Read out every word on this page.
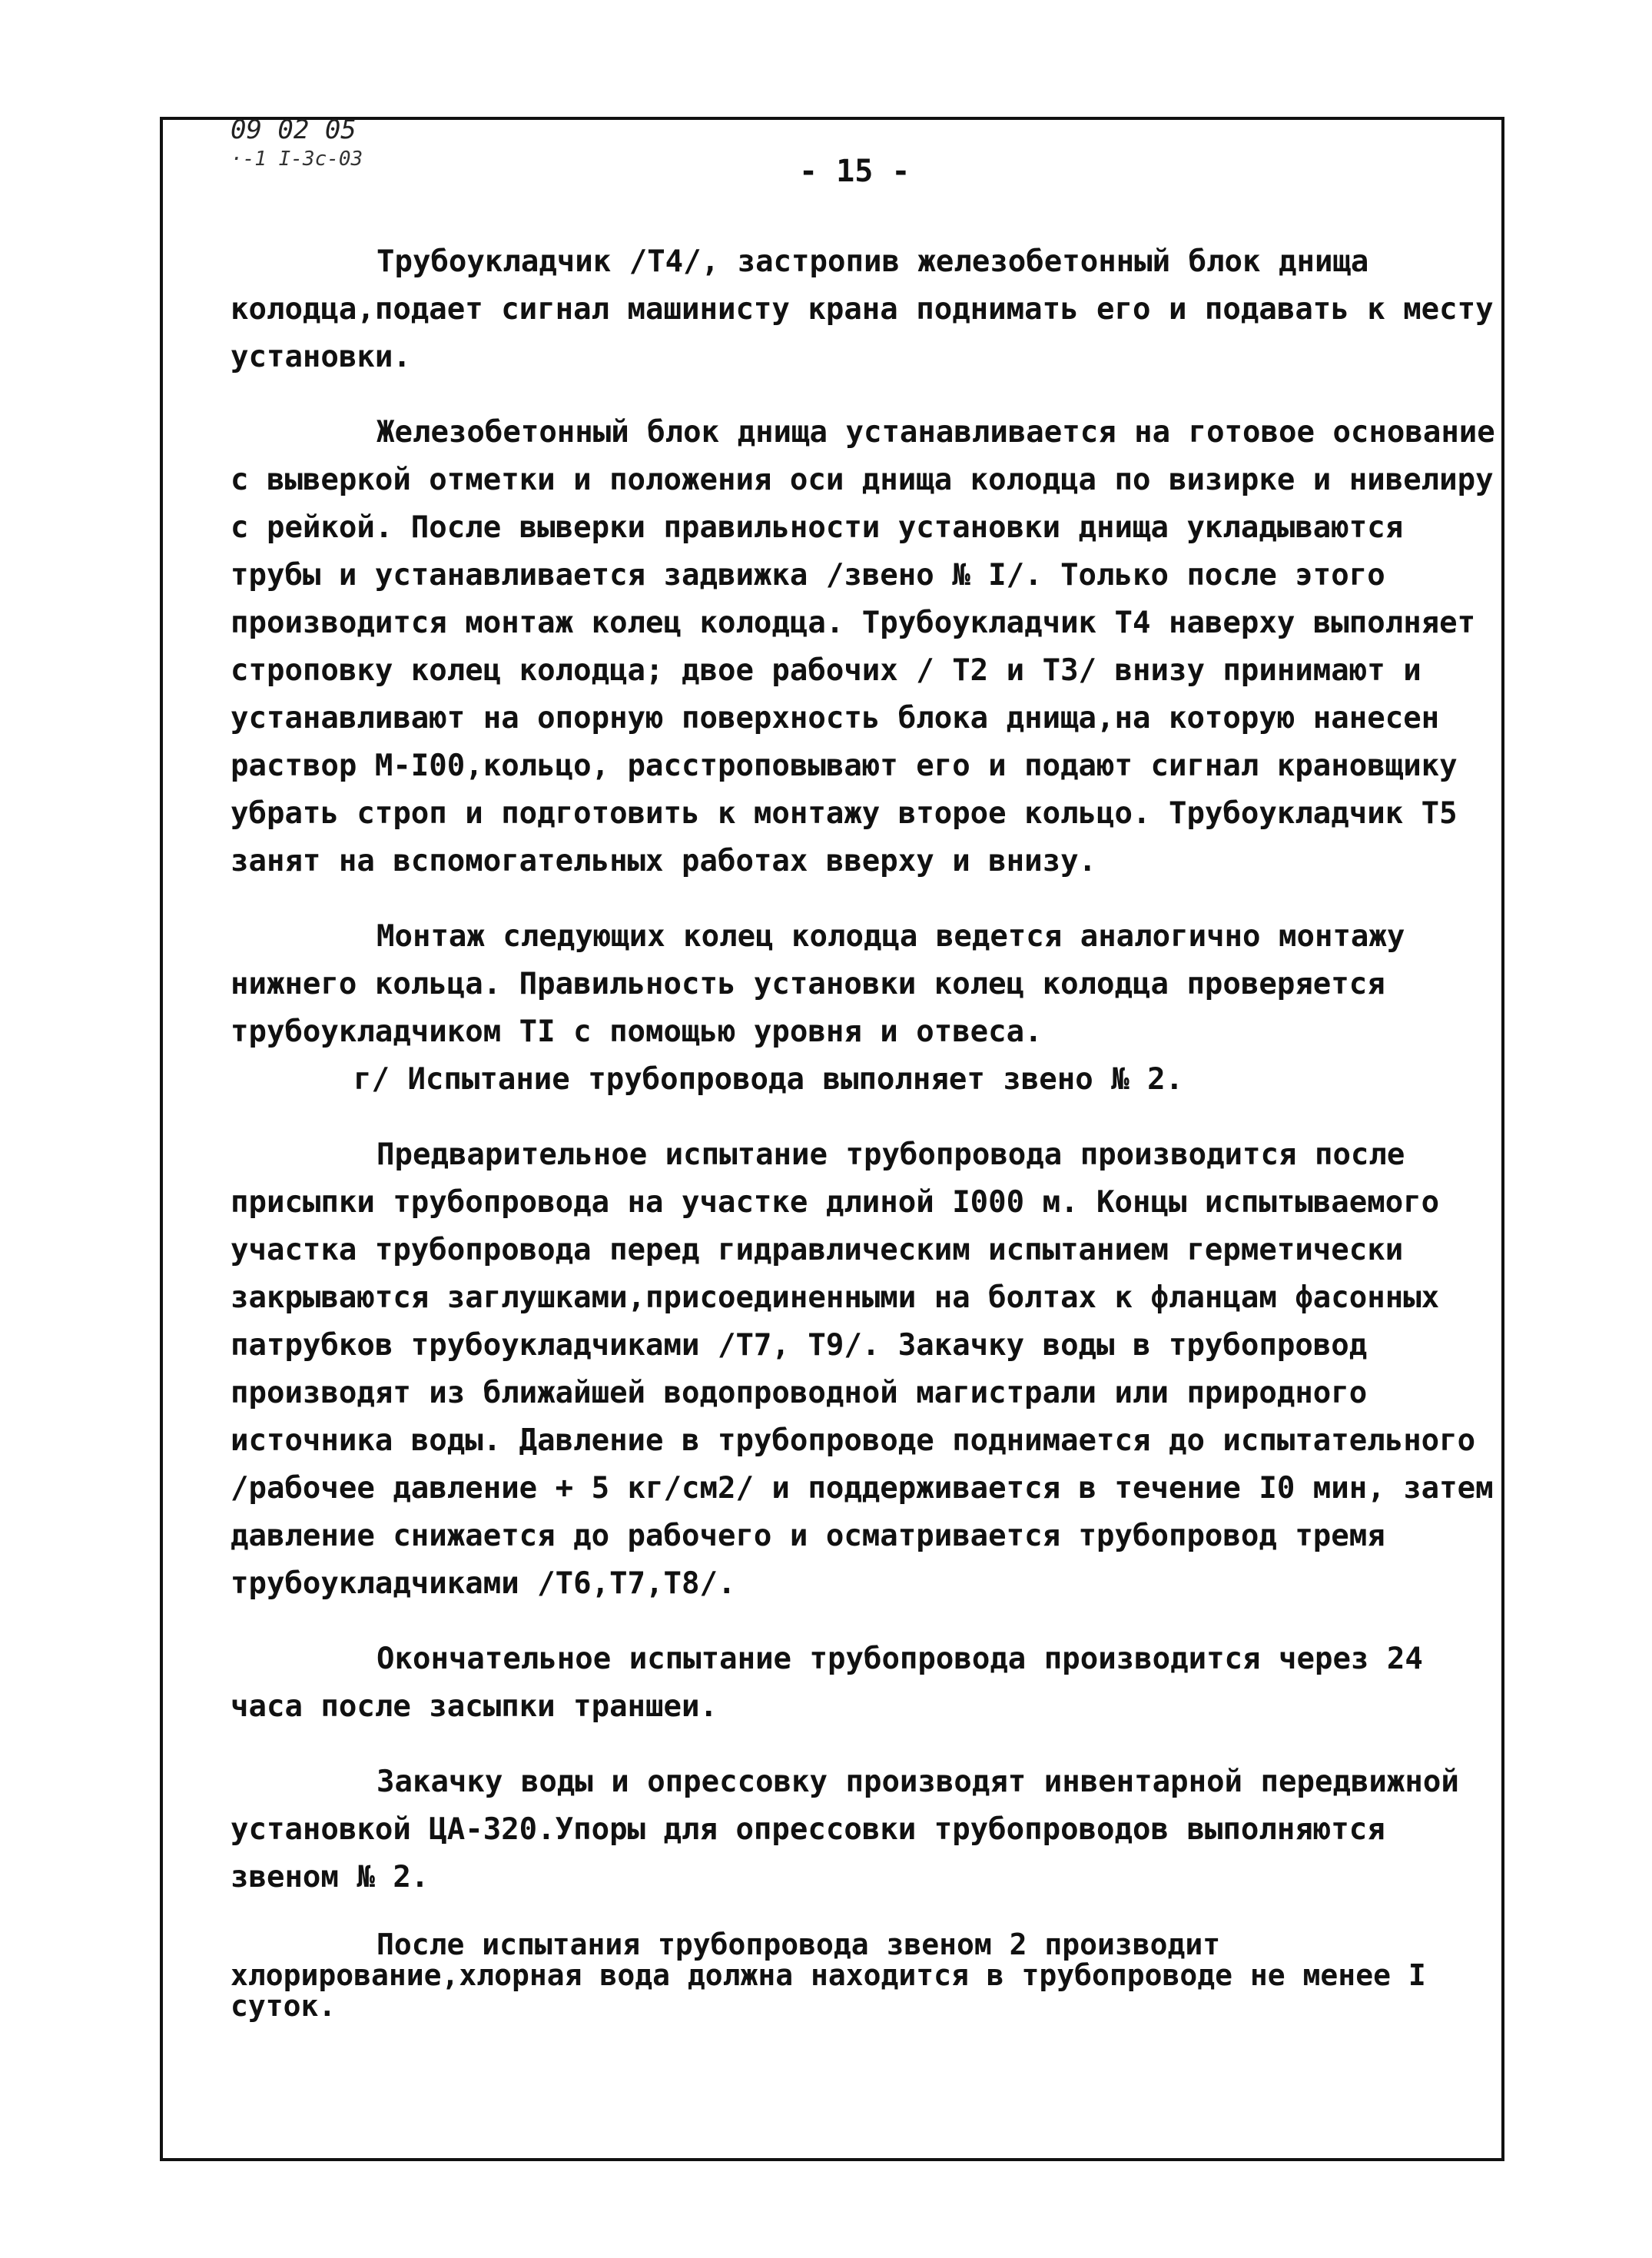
09 02 05
·-1 І-Зс-0З	- 15 -

Трубоукладчик /Т4/, застропив железобетонный блок днища колодца,подает сигнал машинисту крана поднимать его и подавать к месту установки.

Железобетонный блок днища устанавливается на готовое основание с выверкой отметки и положения оси днища колодца по визирке и нивелиру с рейкой. После выверки правильности установки днища укладываются трубы и устанавливается задвижка /звено № I/. Только после этого производится монтаж колец колодца. Трубоукладчик Т4 наверху выполняет строповку колец колодца; двое рабочих / Т2 и Т3/ внизу принимают и устанавливают на опорную поверхность блока днища,на которую нанесен раствор М-I00,кольцо, расстроповывают его и подают сигнал крановщику убрать строп и подготовить к монтажу второе кольцо. Трубоукладчик Т5 занят на вспомогательных работах вверху и внизу.

Монтаж следующих колец колодца ведется аналогично монтажу нижнего кольца. Правильность установки колец колодца проверяется трубоукладчиком ТI с помощью уровня и отвеса.

г/ Испытание трубопровода выполняет звено № 2.

Предварительное испытание трубопровода производится после присыпки трубопровода на участке длиной I000 м. Концы испытываемого участка трубопровода перед гидравлическим испытанием герметически закрываются заглушками,присоединенными на болтах к фланцам фасонных патрубков трубоукладчиками /Т7, Т9/. Закачку воды в трубопровод производят из ближайшей водопроводной магистрали или природного источника воды. Давление в трубопроводе поднимается до испытательного /рабочее давление + 5 кг/см2/ и поддерживается в течение I0 мин, затем давление снижается до рабочего и осматривается трубопровод тремя трубоукладчиками /Т6,Т7,Т8/.

Окончательное испытание трубопровода производится через 24 часа после засыпки траншеи.

Закачку воды и опрессовку производят инвентарной передвижной установкой ЦА-320.Упоры для опрессовки трубопроводов выполняются звеном № 2.

После испытания трубопровода звеном 2 производит хлорирование,хлорная вода должна находится в трубопроводе не менее I суток.
